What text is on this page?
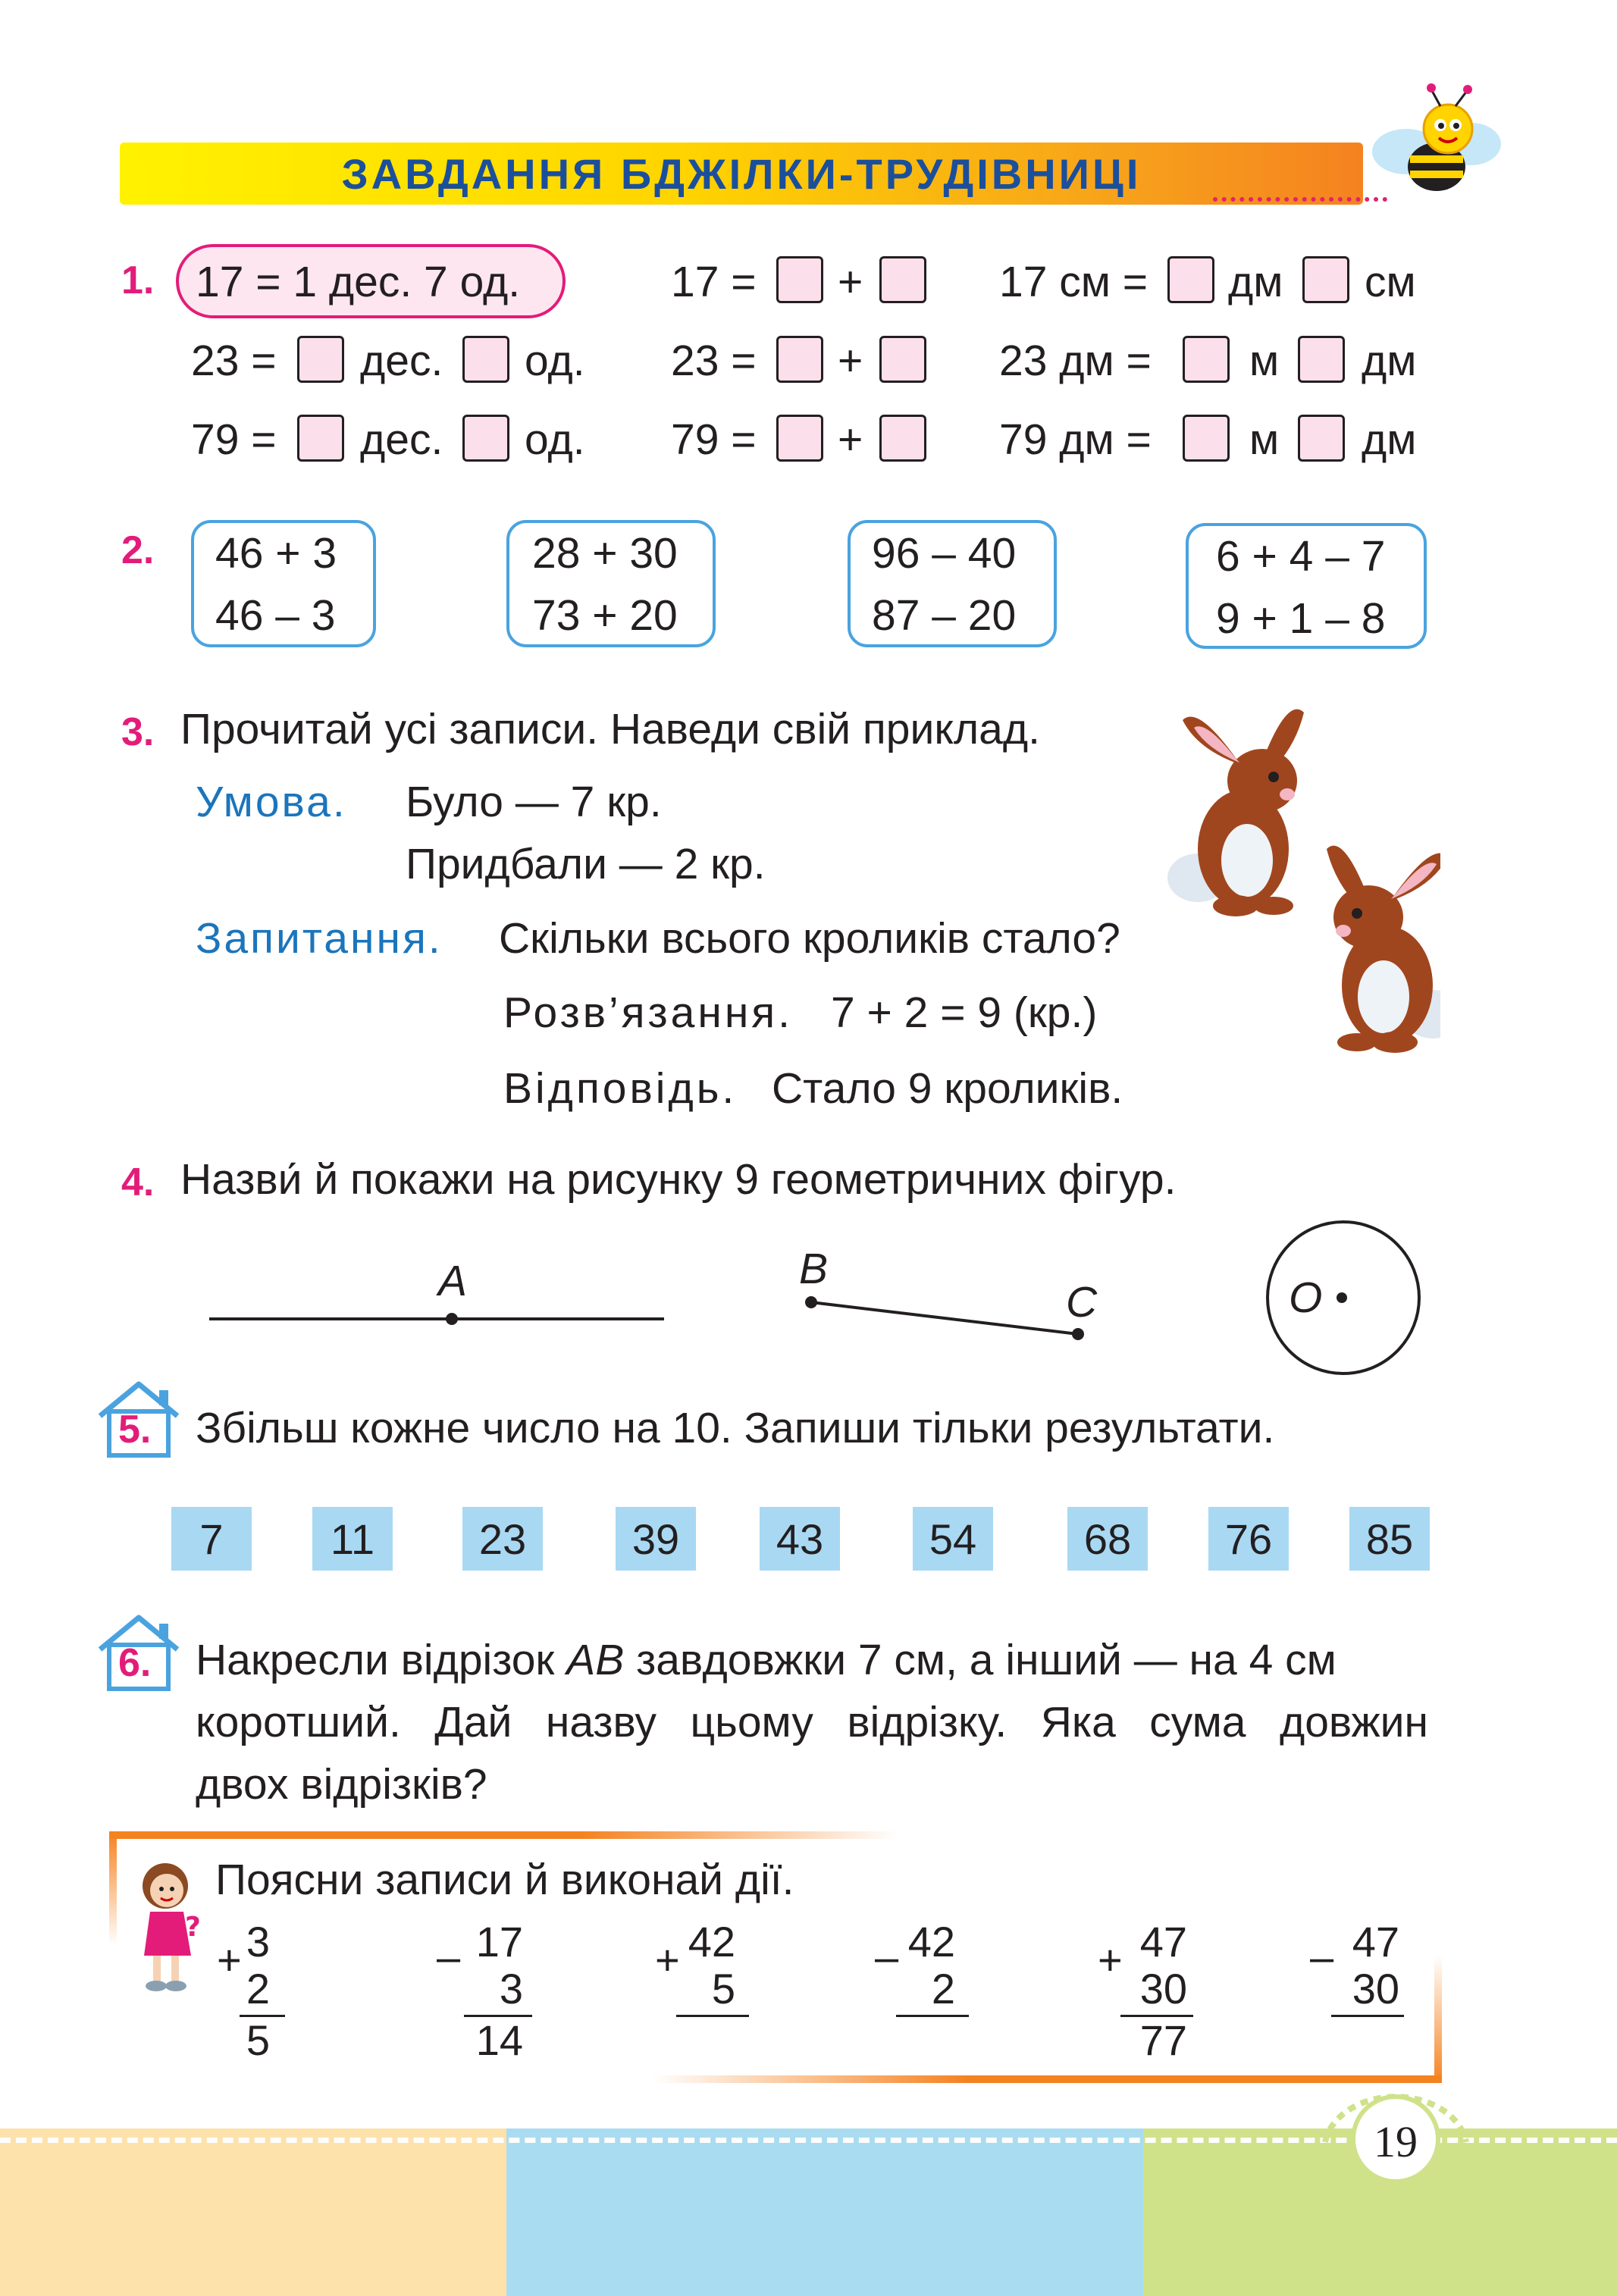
ЗАВДАННЯ БДЖІЛКИ-ТРУДІВНИЦІ
1. 17 = 1 дес. 7 од.
23 = дес. од.
79 = дес. од.
17 = +
23 = +
79 = +
17 см = дм см
23 дм = м дм
79 дм = м дм
2. 46 + 3
46 – 3
28 + 30
73 + 20
96 – 40
87 – 20
6 + 4 – 7
9 + 1 – 8
3. Прочитай усі записи. Наведи свій приклад.
Умова. Було — 7 кр.
Придбали — 2 кр.
Запитання. Скільки всього кроликів стало?
Розв’язання. 7 + 2 = 9 (кр.)
Відповідь. Стало 9 кроликів.
4. Назви́ й покажи на рисунку 9 геометричних фігур.
A	B
C	O
5. Збільш кожне число на 10. Запиши тільки результати.
7	11	23	39	43	54	68	76	85
6. Накресли відрізок AB завдовжки 7 см, а інший — на 4 см
коротший. Дай назву цьому відрізку. Яка сума довжин
двох відрізків?
?
Поясни записи й виконай дії.
+ 3
2
5
– 17
3
14
+ 42
5
– 42
2
+ 47
30
77
– 47
30
19
